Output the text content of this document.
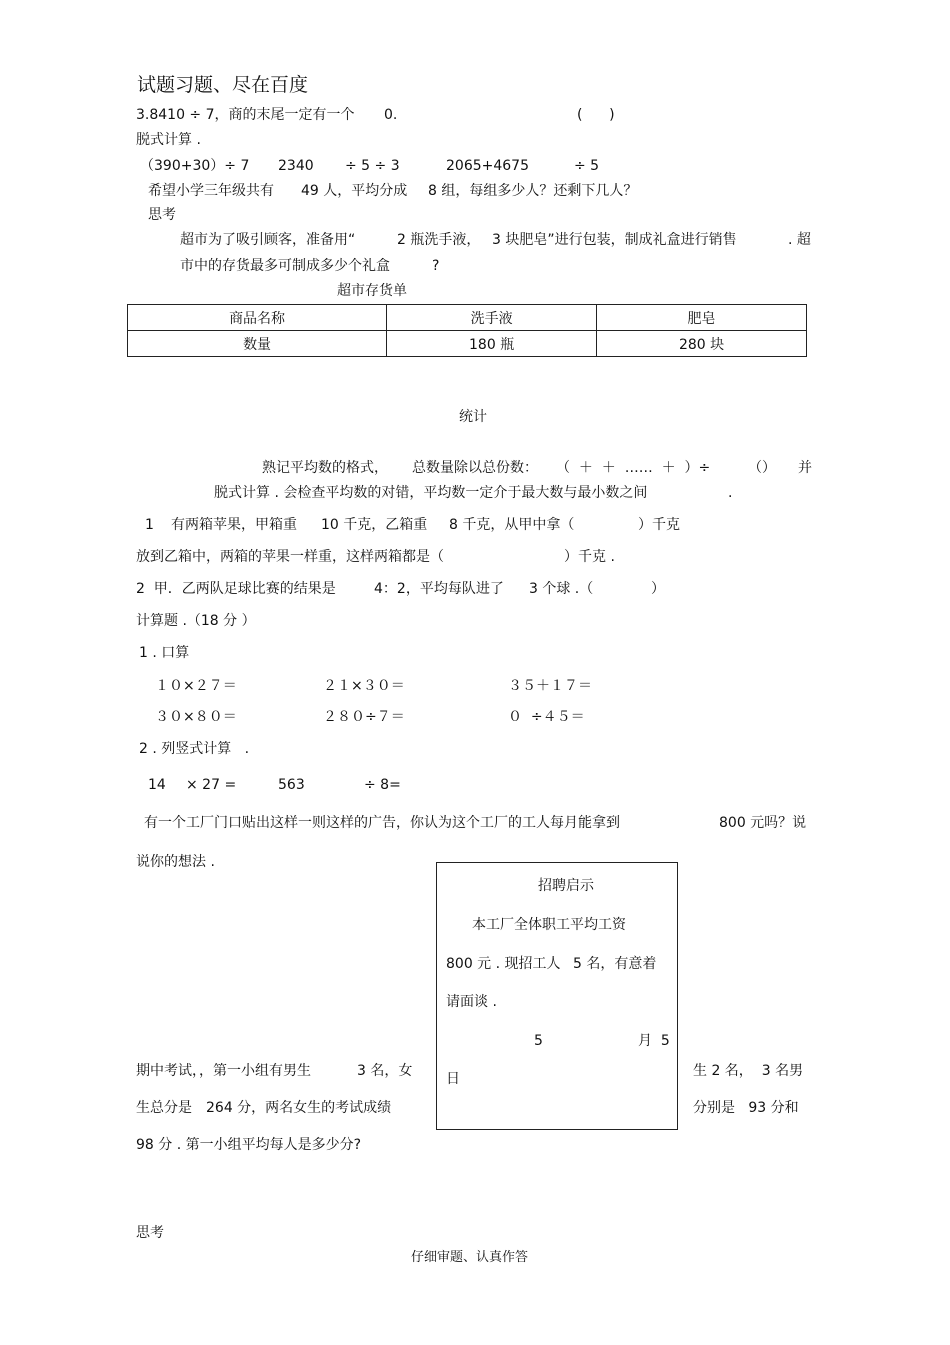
试题习题、尽在百度
3.8410 ÷ 7，商的末尾一定有一个 0.	(      )
脱式计算 .
（390+30）÷ 7 2340 ÷ 5 ÷ 3	2065+4675	÷ 5
希望小学三年级共有 49 人，平均分成 8 组，每组多少人？还剩下几人？
思考
超市为了吸引顾客，准备用“	2 瓶洗手液， 3 块肥皂”进行包装，制成礼盒进行销售	. 超
市中的存货最多可制成多少个礼盒	?
超市存货单
商品名称	洗手液	肥皂
数量	180 瓶	280 块
统计
熟记平均数的格式， 总数量除以总份数： （  ＋  ＋  ……  ＋  ）÷	（） 并
脱式计算 . 会检查平均数的对错，平均数一定介于最大数与最小数之间	.
1 有两箱苹果，甲箱重 10 千克，乙箱重 8 千克，从甲中拿（	）千克
放到乙箱中，两箱的苹果一样重，这样两箱都是（	）千克 .
2  甲．乙两队足球比赛的结果是	4：2，平均每队进了 3 个球 .（	）
计算题 .（18 分 ）
1 . 口算
１０×２７＝	２１×３０＝	３５＋１７＝
３０×８０＝	２８０÷７＝	０  ÷４５＝
2 . 列竖式计算   .
14 × 27 =	563	÷ 8=
有一个工厂门口贴出这样一则这样的广告，你认为这个工厂的工人每月能拿到	800 元吗？说
说你的想法 .
招聘启示
本工厂全体职工平均工资
800 元 . 现招工人 5 名，有意着
请面谈 .
5	月  5
日
期中考试，，第一小组有男生	3 名，女	生 2 名，  3 名男
生总分是 264 分，两名女生的考试成绩	分别是   93 分和
98 分 . 第一小组平均每人是多少分?
思考
仔细审题、认真作答
